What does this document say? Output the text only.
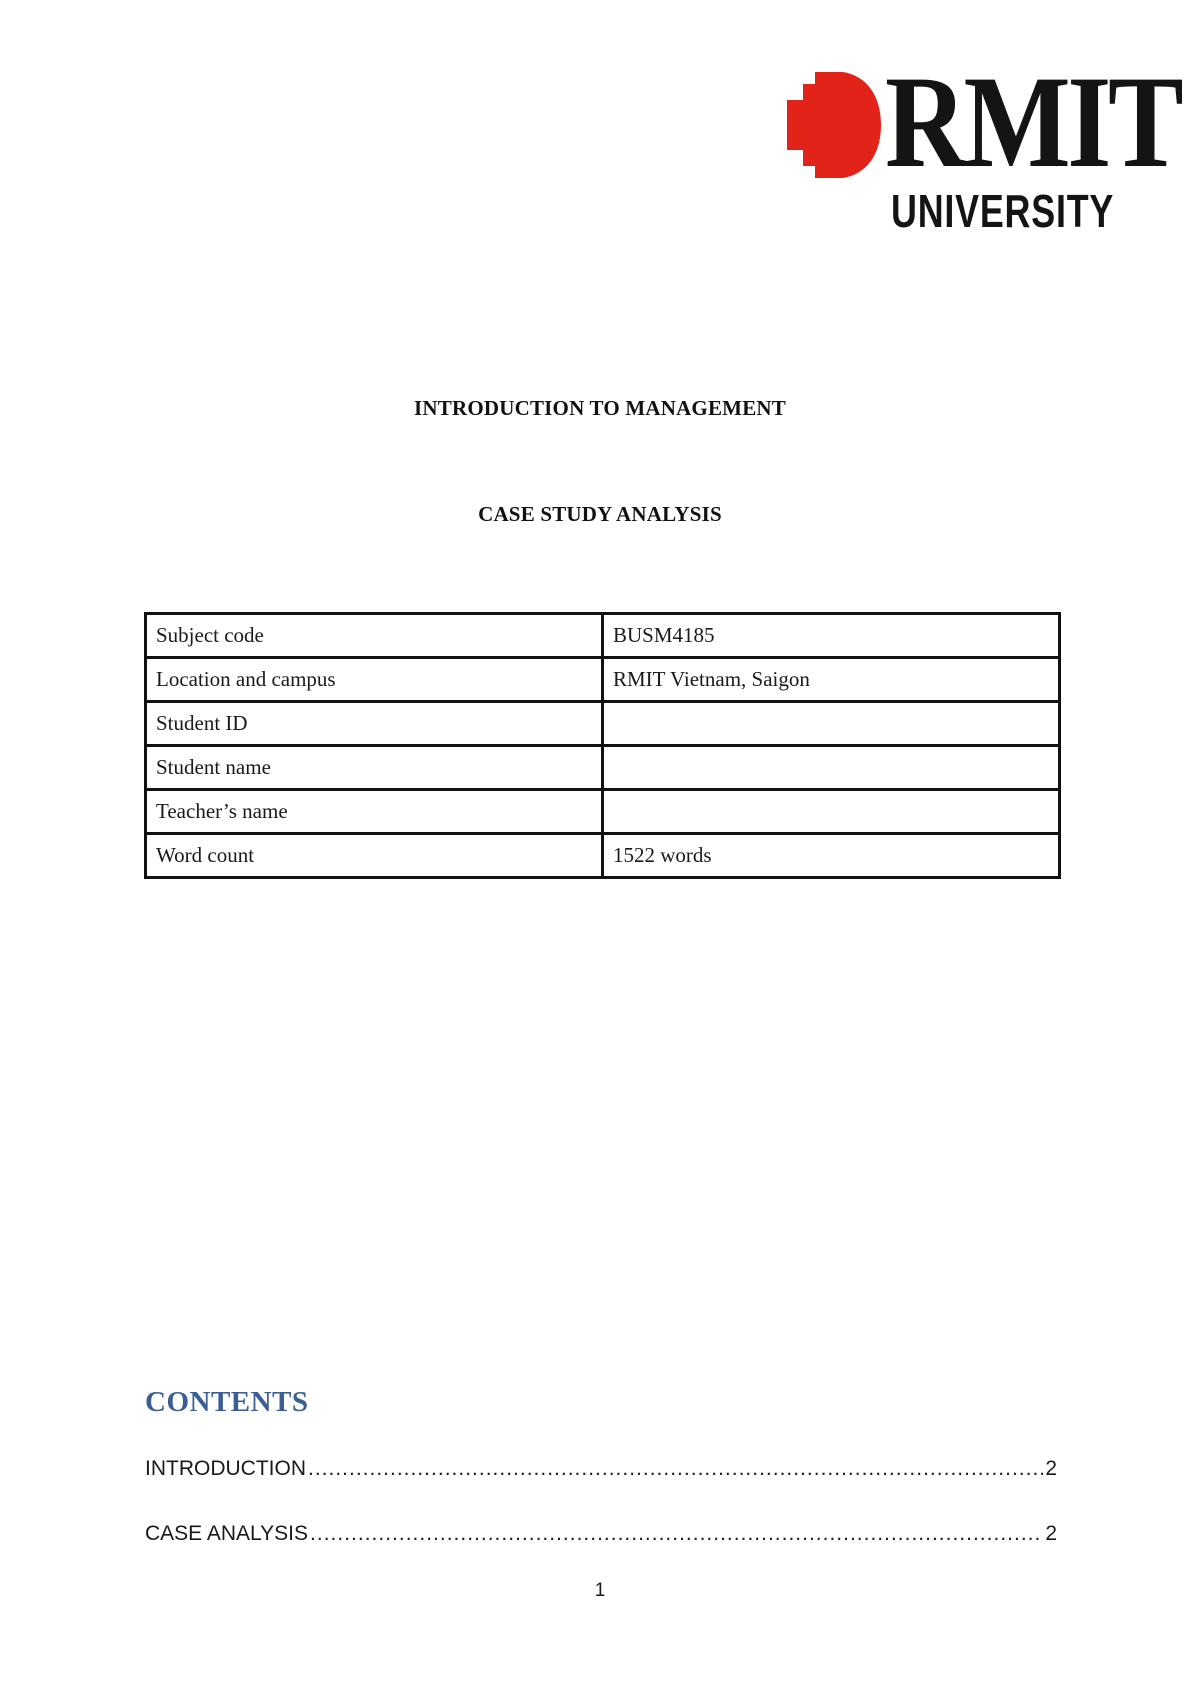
RMIT
UNIVERSITY
INTRODUCTION TO MANAGEMENT
CASE STUDY ANALYSIS
Subject code	BUSM4185
Location and campus	RMIT Vietnam, Saigon
Student ID	
Student name	
Teacher’s name	
Word count	1522 words
CONTENTS
INTRODUCTION .....	2
CASE ANALYSIS .....	2
1
